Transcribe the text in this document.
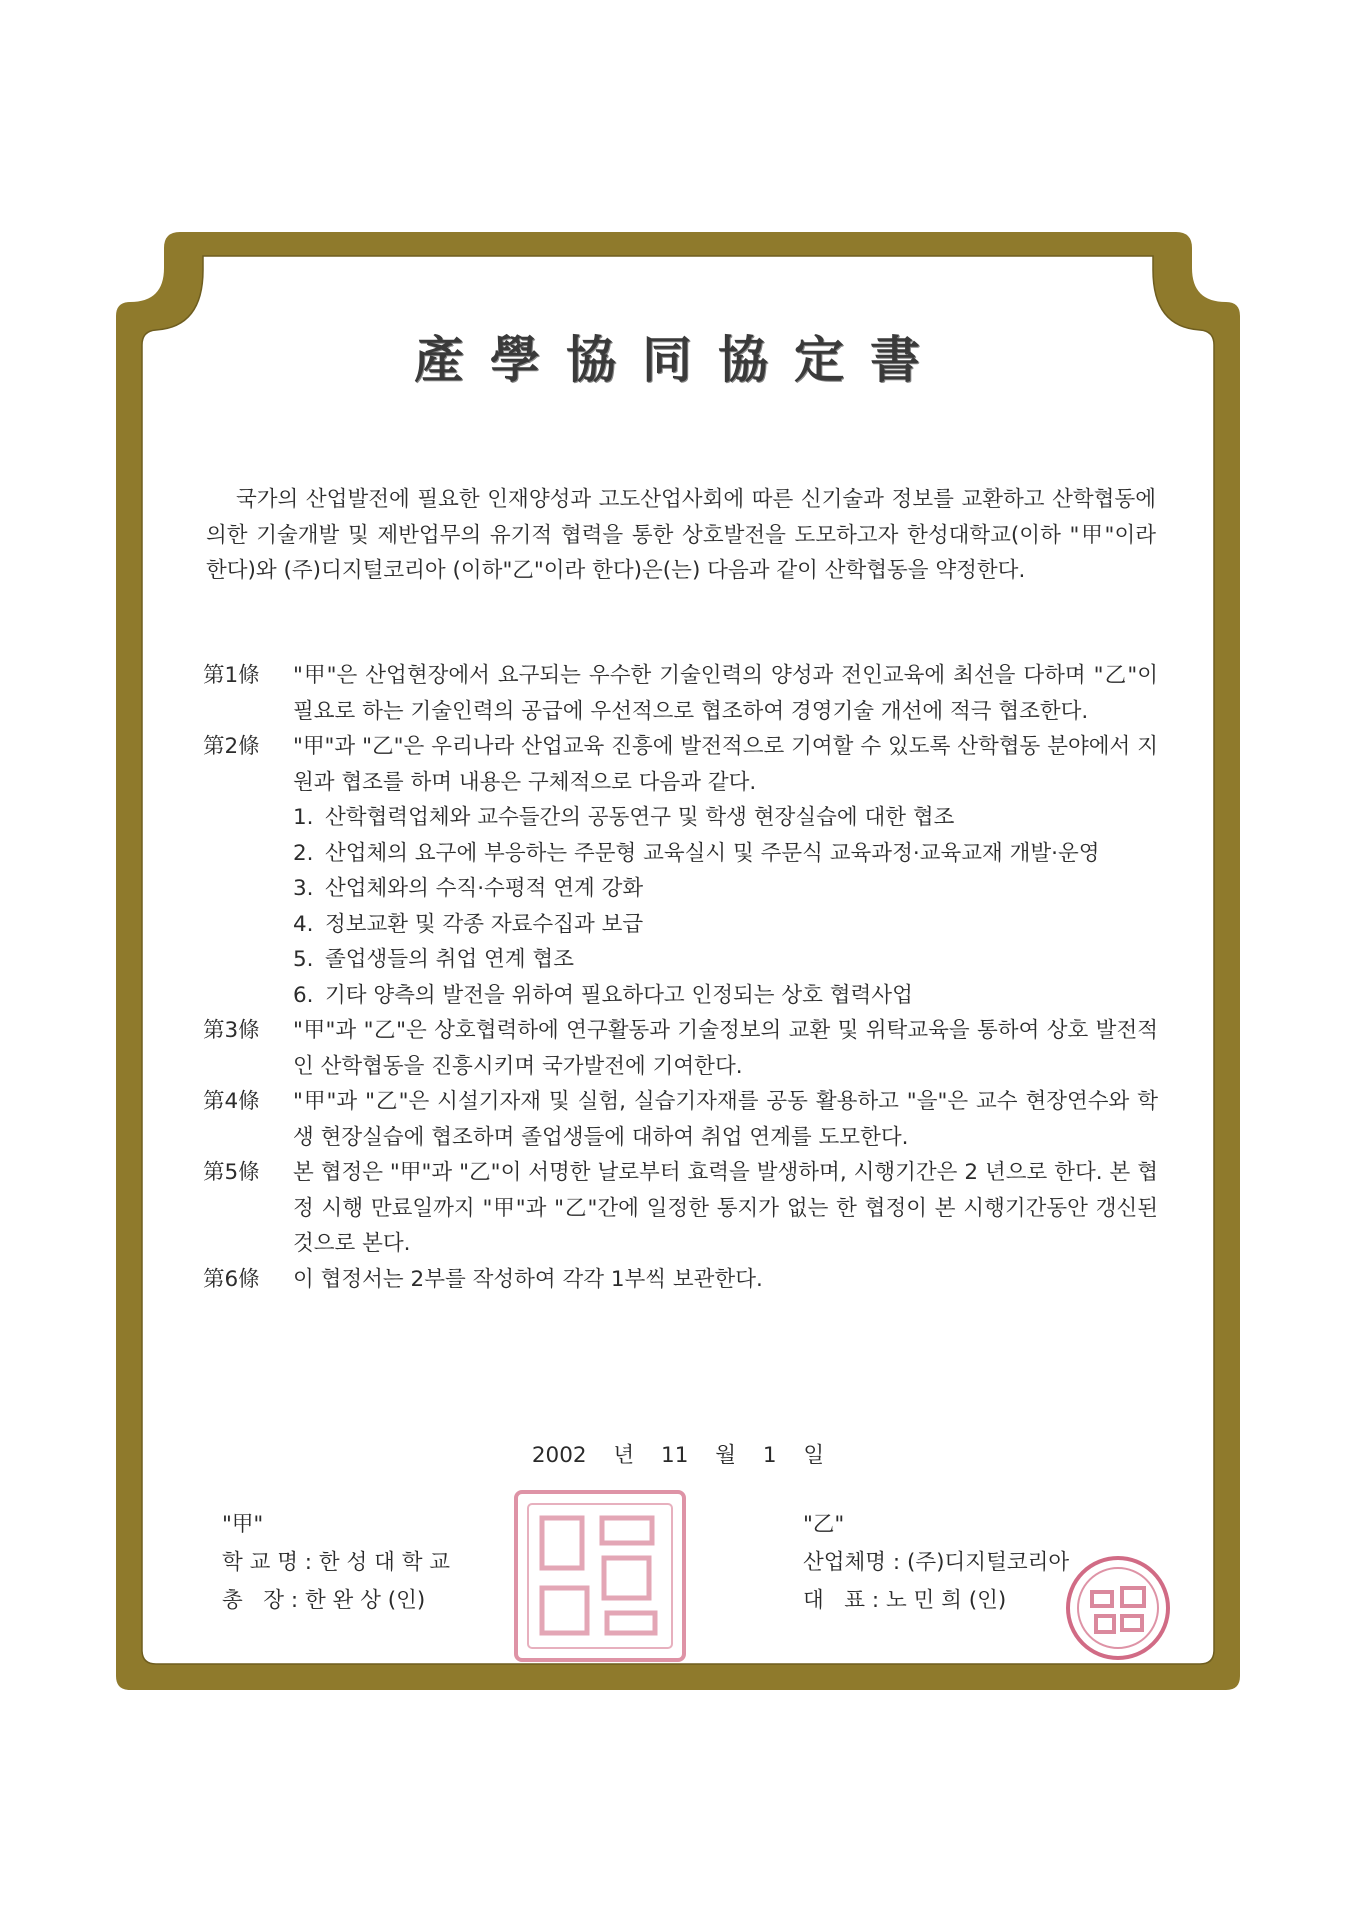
產學協同協定書

국가의 산업발전에 필요한 인재양성과 고도산업사회에 따른 신기술과 정보를 교환하고 산학협동에 의한 기술개발 및 제반업무의 유기적 협력을 통한 상호발전을 도모하고자 한성대학교(이하 "甲"이라 한다)와 (주)디지털코리아 (이하"乙"이라 한다)은(는) 다음과 같이 산학협동을 약정한다.

第1條	"甲"은 산업현장에서 요구되는 우수한 기술인력의 양성과 전인교육에 최선을 다하며 "乙"이 필요로 하는 기술인력의 공급에 우선적으로 협조하여 경영기술 개선에 적극 협조한다.
第2條	"甲"과 "乙"은 우리나라 산업교육 진흥에 발전적으로 기여할 수 있도록 산학협동 분야에서 지원과 협조를 하며 내용은 구체적으로 다음과 같다.
1. 산학협력업체와 교수들간의 공동연구 및 학생 현장실습에 대한 협조
2. 산업체의 요구에 부응하는 주문형 교육실시 및 주문식 교육과정·교육교재 개발·운영
3. 산업체와의 수직·수평적 연계 강화
4. 정보교환 및 각종 자료수집과 보급
5. 졸업생들의 취업 연계 협조
6. 기타 양측의 발전을 위하여 필요하다고 인정되는 상호 협력사업
第3條	"甲"과 "乙"은 상호협력하에 연구활동과 기술정보의 교환 및 위탁교육을 통하여 상호 발전적인 산학협동을 진흥시키며 국가발전에 기여한다.
第4條	"甲"과 "乙"은 시설기자재 및 실험, 실습기자재를 공동 활용하고 "을"은 교수 현장연수와 학생 현장실습에 협조하며 졸업생들에 대하여 취업 연계를 도모한다.
第5條	본 협정은 "甲"과 "乙"이 서명한 날로부터 효력을 발생하며, 시행기간은 2 년으로 한다. 본 협정 시행 만료일까지 "甲"과 "乙"간에 일정한 통지가 없는 한 협정이 본 시행기간동안 갱신된 것으로 본다.
第6條	이 협정서는 2부를 작성하여 각각 1부씩 보관한다.
2002 년 11 월 1 일
"甲"
학 교 명 : 한 성 대 학 교
총   장 : 한 완 상 (인)
"乙"
산업체명 : (주)디지털코리아
대   표 : 노 민 희 (인)
